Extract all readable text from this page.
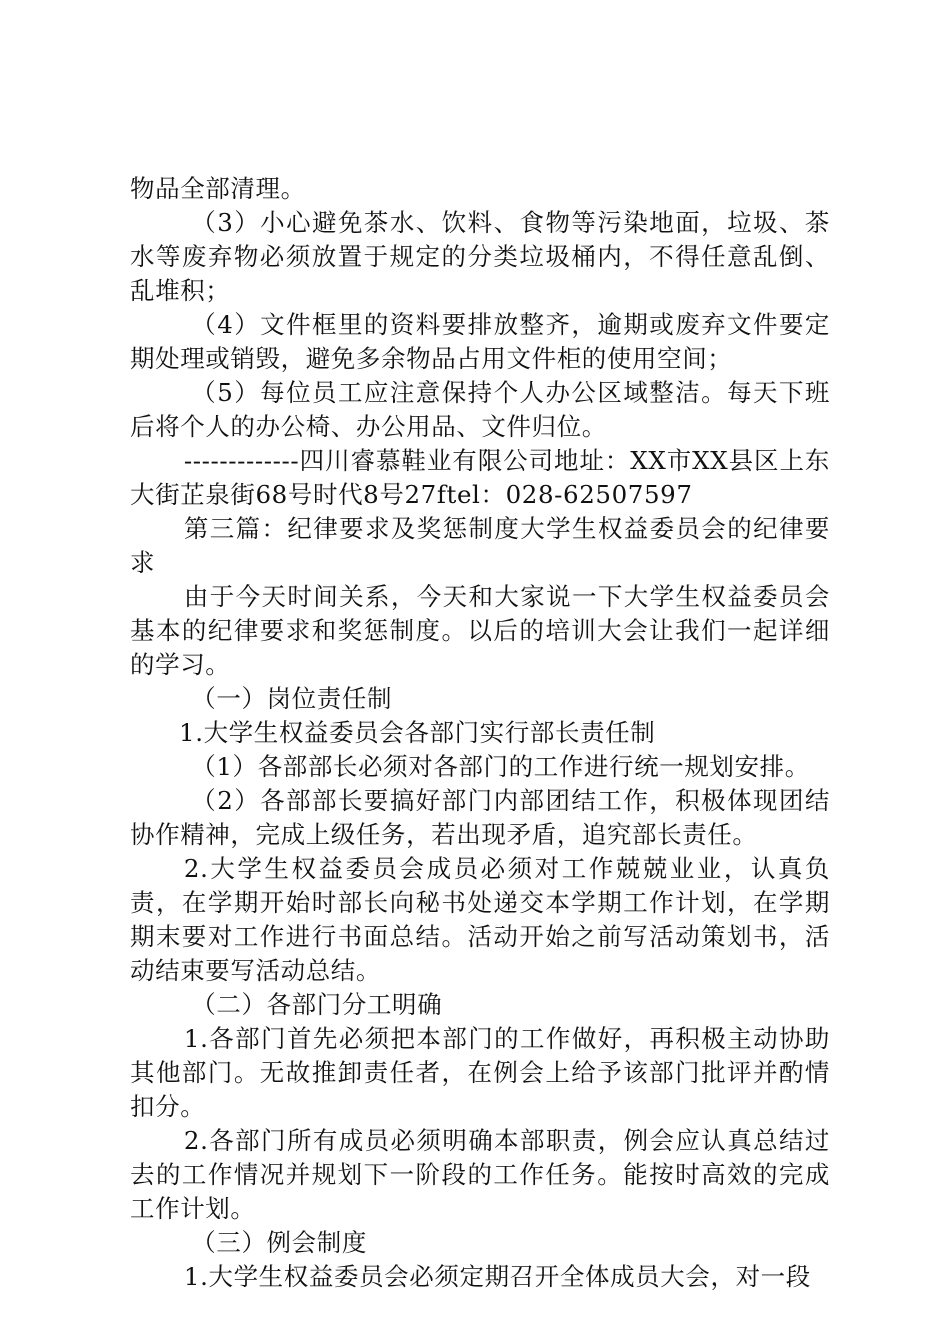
物品全部清理。

（3）小心避免茶水、饮料、食物等污染地面，垃圾、茶水等废弃物必须放置于规定的分类垃圾桶内，不得任意乱倒、乱堆积；

（4）文件框里的资料要排放整齐，逾期或废弃文件要定期处理或销毁，避免多余物品占用文件柜的使用空间；

（5）每位员工应注意保持个人办公区域整洁。每天下班后将个人的办公椅、办公用品、文件归位。

-------------四川睿慕鞋业有限公司地址：XX市XX县区上东大街芷泉街68号时代8号27ftel：028-62507597

第三篇：纪律要求及奖惩制度大学生权益委员会的纪律要求

由于今天时间关系，今天和大家说一下大学生权益委员会基本的纪律要求和奖惩制度。以后的培训大会让我们一起详细的学习。

（一）岗位责任制

1.大学生权益委员会各部门实行部长责任制

（1）各部部长必须对各部门的工作进行统一规划安排。

（2）各部部长要搞好部门内部团结工作，积极体现团结协作精神，完成上级任务，若出现矛盾，追究部长责任。

2.大学生权益委员会成员必须对工作兢兢业业，认真负责，在学期开始时部长向秘书处递交本学期工作计划，在学期期末要对工作进行书面总结。活动开始之前写活动策划书，活动结束要写活动总结。

（二）各部门分工明确

1.各部门首先必须把本部门的工作做好，再积极主动协助其他部门。无故推卸责任者，在例会上给予该部门批评并酌情扣分。

2.各部门所有成员必须明确本部职责，例会应认真总结过去的工作情况并规划下一阶段的工作任务。能按时高效的完成工作计划。

（三）例会制度

1.大学生权益委员会必须定期召开全体成员大会，对一段
